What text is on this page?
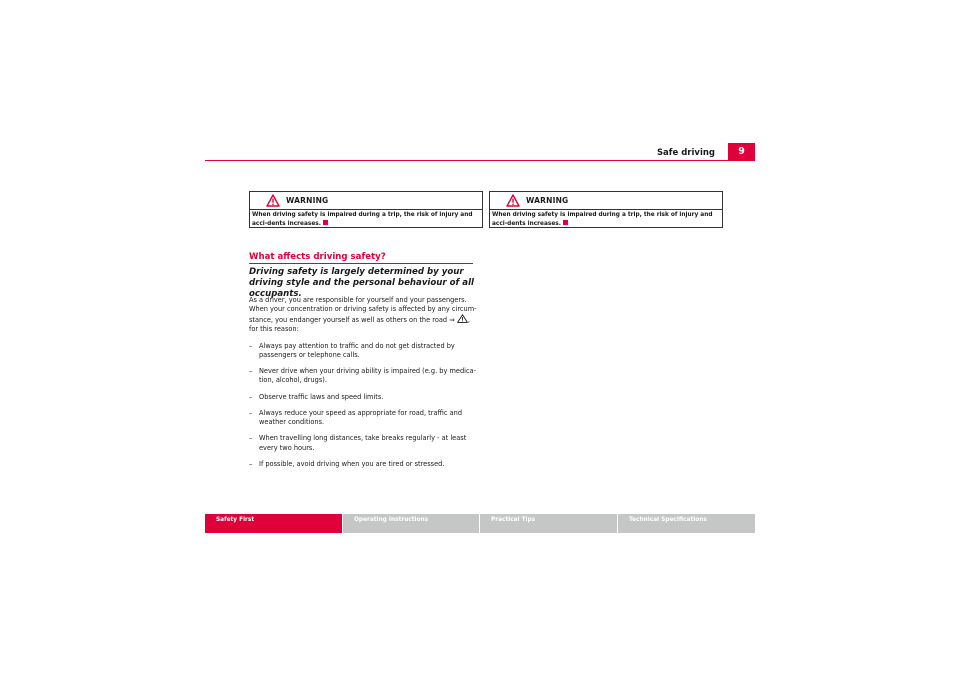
Safe driving	9
WARNING
When driving safety is impaired during a trip, the risk of injury and acci-dents increases.
WARNING
When driving safety is impaired during a trip, the risk of injury and acci-dents increases.
What affects driving safety?
Driving safety is largely determined by your driving style and the personal behaviour of all occupants.

As a driver, you are responsible for yourself and your passengers. When your concentration or driving safety is affected by any circum-stance, you endanger yourself as well as others on the road ⇒ , for this reason:

– Always pay attention to traffic and do not get distracted by passengers or telephone calls.
– Never drive when your driving ability is impaired (e.g. by medica-tion, alcohol, drugs).
– Observe traffic laws and speed limits.
– Always reduce your speed as appropriate for road, traffic and weather conditions.
– When travelling long distances, take breaks regularly - at least every two hours.
– If possible, avoid driving when you are tired or stressed.
Safety First	Operating Instructions	Practical Tips	Technical Specifications
